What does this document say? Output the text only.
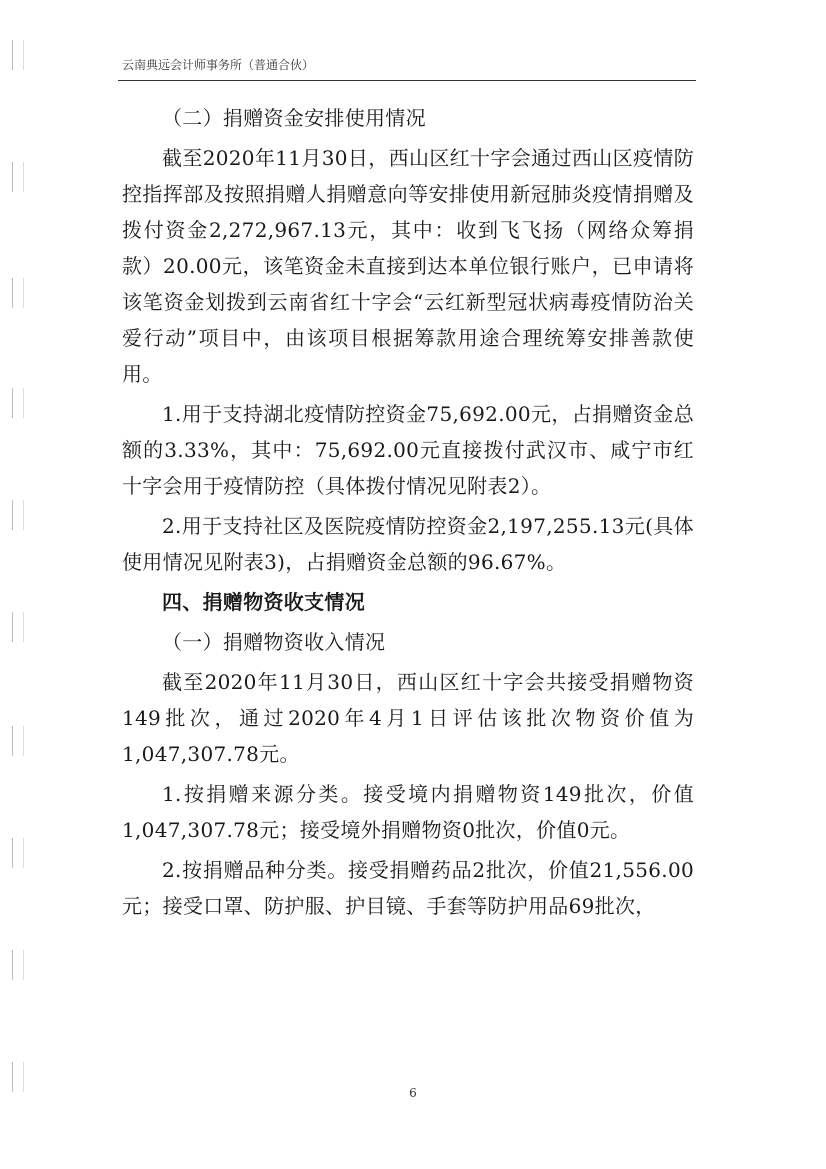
云南典远会计师事务所（普通合伙）

（二）捐赠资金安排使用情况

截至2020年11月30日，西山区红十字会通过西山区疫情防控指挥部及按照捐赠人捐赠意向等安排使用新冠肺炎疫情捐赠及拨付资金2,272,967.13元，其中：收到飞飞扬（网络众筹捐款）20.00元，该笔资金未直接到达本单位银行账户，已申请将该笔资金划拨到云南省红十字会“云红新型冠状病毒疫情防治关爱行动”项目中，由该项目根据筹款用途合理统筹安排善款使用。

1.用于支持湖北疫情防控资金75,692.00元，占捐赠资金总额的3.33%，其中：75,692.00元直接拨付武汉市、咸宁市红十字会用于疫情防控（具体拨付情况见附表2）。

2.用于支持社区及医院疫情防控资金2,197,255.13元(具体使用情况见附表3)，占捐赠资金总额的96.67%。

四、捐赠物资收支情况

（一）捐赠物资收入情况

截至2020年11月30日，西山区红十字会共接受捐赠物资149批次，通过2020年4月1日评估该批次物资价值为1,047,307.78元。

1.按捐赠来源分类。接受境内捐赠物资149批次，价值1,047,307.78元；接受境外捐赠物资0批次，价值0元。

2.按捐赠品种分类。接受捐赠药品2批次，价值21,556.00元；接受口罩、防护服、护目镜、手套等防护用品69批次，

6
